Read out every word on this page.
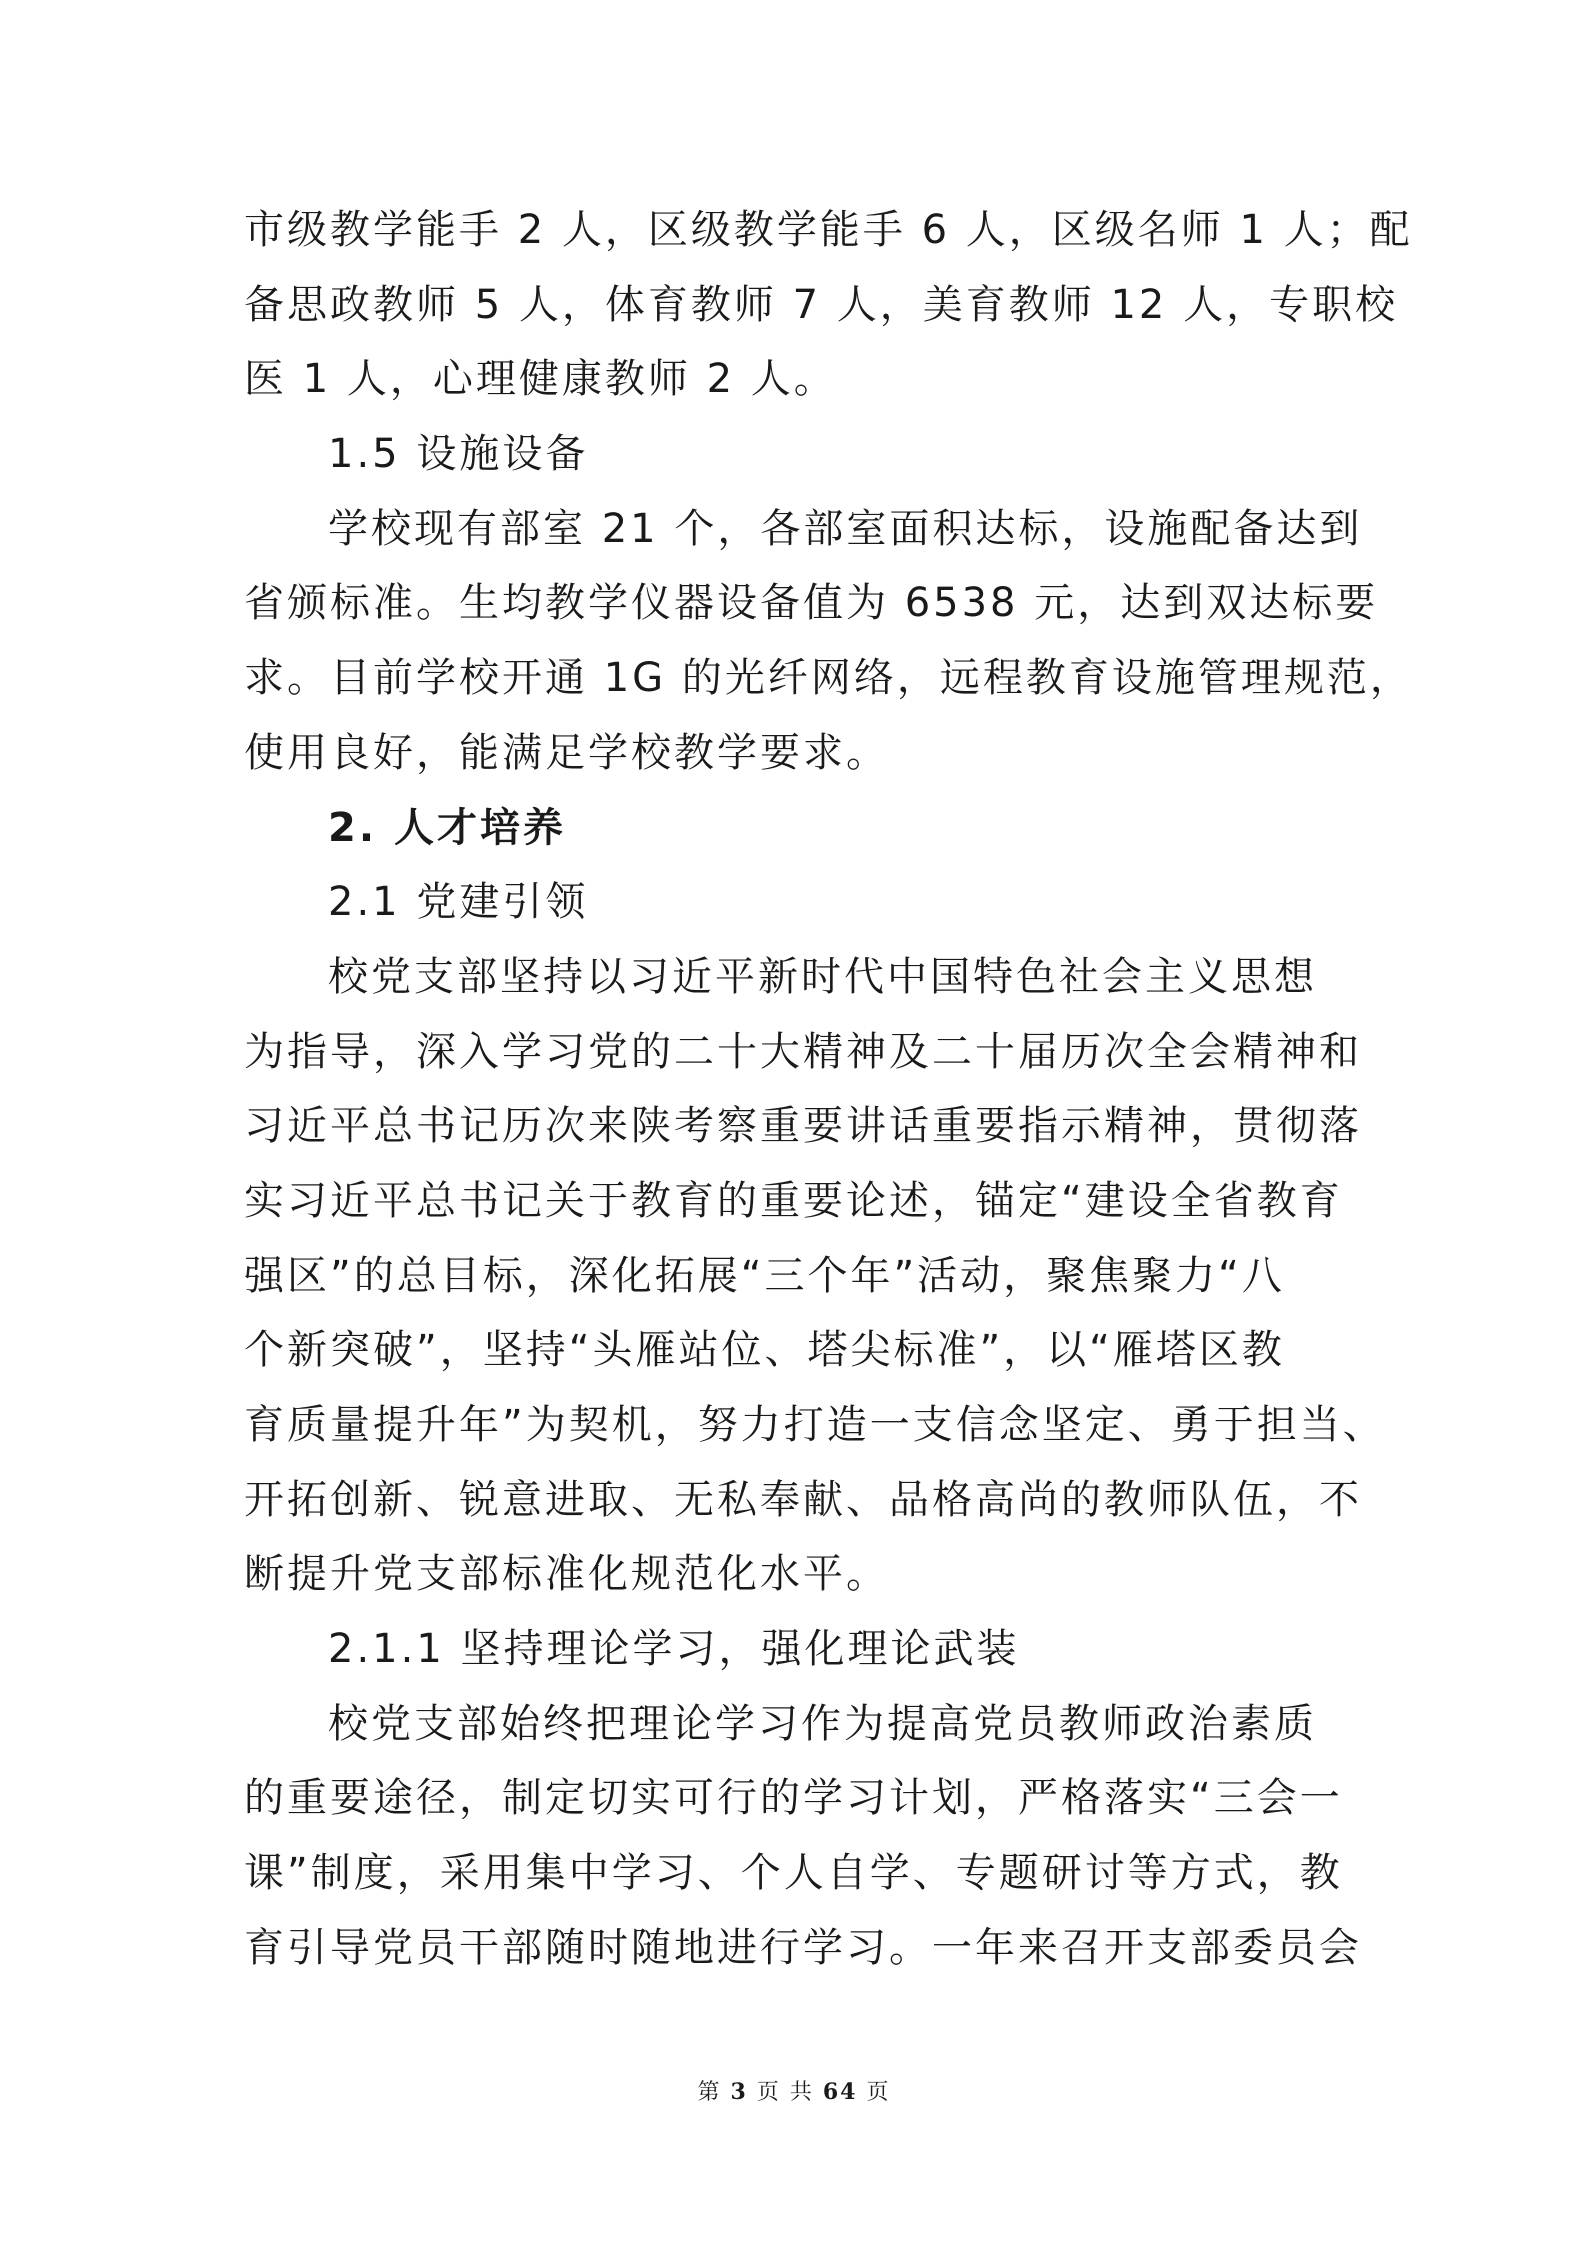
市级教学能手 2 人，区级教学能手 6 人，区级名师 1 人；配
备思政教师 5 人，体育教师 7 人，美育教师 12 人，专职校
医 1 人，心理健康教师 2 人。
1.5 设施设备
学校现有部室 21 个，各部室面积达标，设施配备达到
省颁标准。生均教学仪器设备值为 6538 元，达到双达标要
求。目前学校开通 1G 的光纤网络，远程教育设施管理规范，
使用良好，能满足学校教学要求。
2. 人才培养
2.1 党建引领
校党支部坚持以习近平新时代中国特色社会主义思想
为指导，深入学习党的二十大精神及二十届历次全会精神和
习近平总书记历次来陕考察重要讲话重要指示精神，贯彻落
实习近平总书记关于教育的重要论述，锚定“建设全省教育
强区”的总目标，深化拓展“三个年”活动，聚焦聚力“八
个新突破”，坚持“头雁站位、塔尖标准”，以“雁塔区教
育质量提升年”为契机，努力打造一支信念坚定、勇于担当、
开拓创新、锐意进取、无私奉献、品格高尚的教师队伍，不
断提升党支部标准化规范化水平。
2.1.1 坚持理论学习，强化理论武装
校党支部始终把理论学习作为提高党员教师政治素质
的重要途径，制定切实可行的学习计划，严格落实“三会一
课”制度，采用集中学习、个人自学、专题研讨等方式，教
育引导党员干部随时随地进行学习。一年来召开支部委员会
第 3 页 共 64 页
